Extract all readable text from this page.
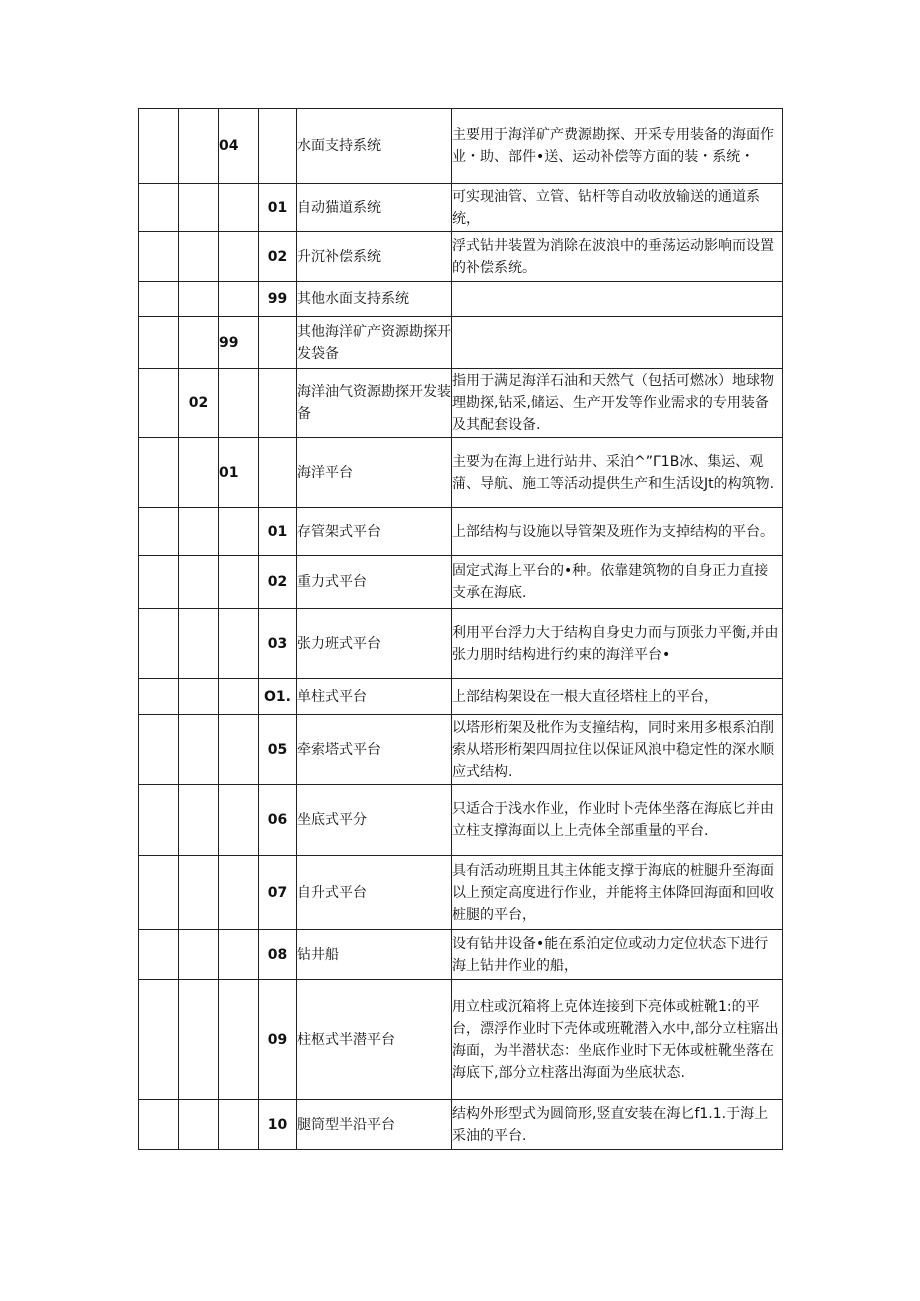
		04		水面支持系统	主要用于海洋矿产费源勘探、开采专用装备的海面作业・助、部件•送、运动补偿等方面的装・系统・

			01	自动猫道系统	可实现油管、立管、钻杆等自动收放输送的通道系统，

			02	升沉补偿系统	浮式钻井装置为消除在波浪中的垂荡运动影响而设置的补偿系统。

			99	其他水面支持系统	

		99		其他海洋矿产资源勘探开发袋备	

	02			海洋油气资源勘探开发装备	指用于满足海洋石油和天然气（包括可燃冰）地球物理勘探,钻采,储运、生产开发等作业需求的专用装备及其配套设备.

		01		海洋平台	主要为在海上进行站井、采泊^”Γ1B冰、集运、观蒲、导航、施工等活动提供生产和生活设Jt的构筑物.

			01	存管架式平台	上部结构与设施以导管架及班作为支掉结构的平台。

			02	重力式平台	固定式海上平台的•种。依靠建筑物的自身正力直接支承在海底.

			03	张力班式平台	利用平台浮力大于结构自身史力而与顶张力平衡,并由张力朋时结构进行约束的海洋平台•

			O1.	单柱式平台	上部结构架设在一根大直径塔柱上的平台，

			05	牵索塔式平台	以塔形桁架及枇作为支撞结构，同时来用多根系泊削索从塔形桁架四周拉住以保证风浪中稳定性的深水顺应式结构.

			06	坐底式平分	只适合于浅水作业，作业时卜壳体坐落在海底匕并由立柱支撑海面以上上壳体全部重量的平台.

			07	自升式平台	具有活动班期且其主体能支撑于海底的桩腿升至海面以上预定高度进行作业，并能将主体降回海面和回收桩腿的平台，

			08	钻井船	设有钻井设备•能在系泊定位或动力定位状态下进行海上钻井作业的船，

			09	柱枢式半潜平台	用立柱或沉箱将上克体连接到下亮体或桩靴1:的平台，漂浮作业时下壳体或班靴潜入水中,部分立柱寤出海面，为半潜状态：坐底作业时下无体或桩靴坐落在海底下,部分立柱落出海面为坐底状态.

			10	腿筒型半沿平台	结构外形型式为圆筒形,竖直安装在海匕f1.1.于海上采油的平台.
